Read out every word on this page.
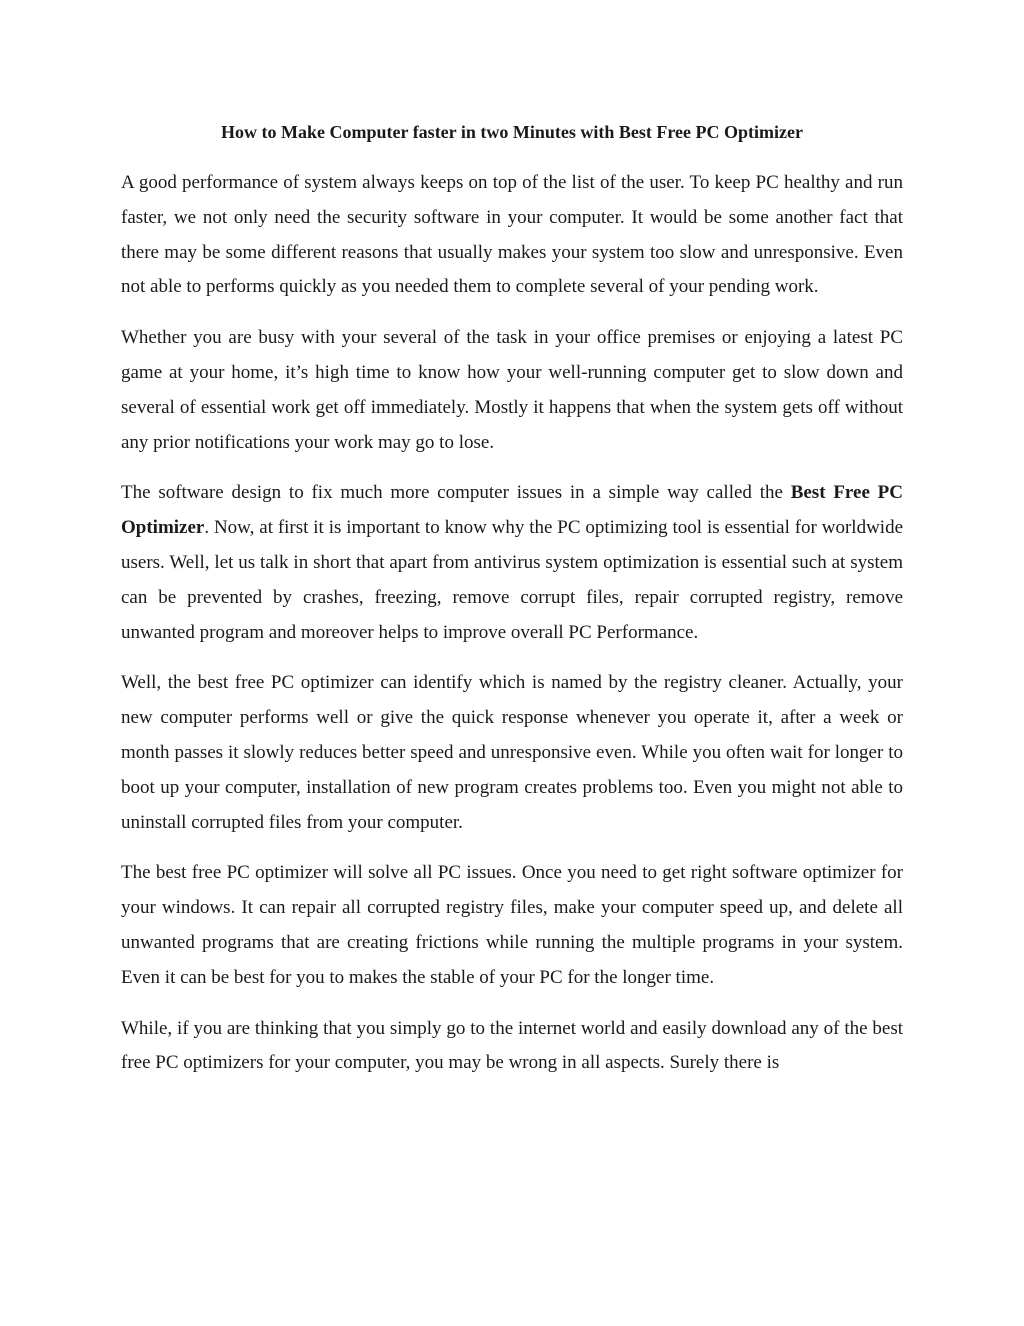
How to Make Computer faster in two Minutes with Best Free PC Optimizer

A good performance of system always keeps on top of the list of the user. To keep PC healthy and run faster, we not only need the security software in your computer. It would be some another fact that there may be some different reasons that usually makes your system too slow and unresponsive. Even not able to performs quickly as you needed them to complete several of your pending work.

Whether you are busy with your several of the task in your office premises or enjoying a latest PC game at your home, it’s high time to know how your well-running computer get to slow down and several of essential work get off immediately. Mostly it happens that when the system gets off without any prior notifications your work may go to lose.

The software design to fix much more computer issues in a simple way called the Best Free PC Optimizer. Now, at first it is important to know why the PC optimizing tool is essential for worldwide users. Well, let us talk in short that apart from antivirus system optimization is essential such at system can be prevented by crashes, freezing, remove corrupt files, repair corrupted registry, remove unwanted program and moreover helps to improve overall PC Performance.

Well, the best free PC optimizer can identify which is named by the registry cleaner. Actually, your new computer performs well or give the quick response whenever you operate it, after a week or month passes it slowly reduces better speed and unresponsive even. While you often wait for longer to boot up your computer, installation of new program creates problems too. Even you might not able to uninstall corrupted files from your computer.

The best free PC optimizer will solve all PC issues. Once you need to get right software optimizer for your windows. It can repair all corrupted registry files, make your computer speed up, and delete all unwanted programs that are creating frictions while running the multiple programs in your system. Even it can be best for you to makes the stable of your PC for the longer time.

While, if you are thinking that you simply go to the internet world and easily download any of the best free PC optimizers for your computer, you may be wrong in all aspects. Surely there is
